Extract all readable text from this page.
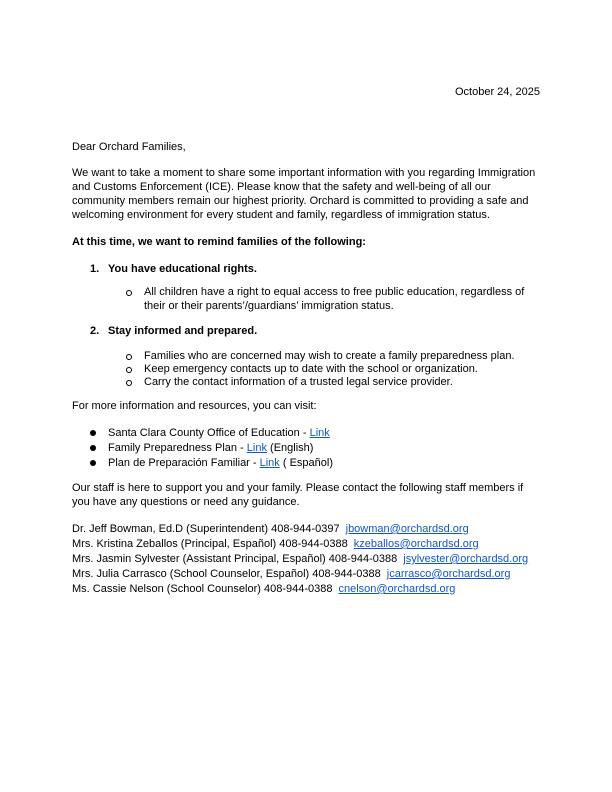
October 24, 2025
Dear Orchard Families,
We want to take a moment to share some important information with you regarding Immigration and Customs Enforcement (ICE). Please know that the safety and well-being of all our community members remain our highest priority. Orchard is committed to providing a safe and welcoming environment for every student and family, regardless of immigration status.
At this time, we want to remind families of the following:
1. You have educational rights.
All children have a right to equal access to free public education, regardless of their or their parents’/guardians’ immigration status.
2. Stay informed and prepared.
Families who are concerned may wish to create a family preparedness plan.
Keep emergency contacts up to date with the school or organization.
Carry the contact information of a trusted legal service provider.
For more information and resources, you can visit:
Santa Clara County Office of Education - Link
Family Preparedness Plan - Link (English)
Plan de Preparación Familiar - Link ( Español)
Our staff is here to support you and your family. Please contact the following staff members if you have any questions or need any guidance.
Dr. Jeff Bowman, Ed.D (Superintendent) 408-944-0397 jbowman@orchardsd.org
Mrs. Kristina Zeballos (Principal, Español) 408-944-0388 kzeballos@orchardsd.org
Mrs. Jasmin Sylvester (Assistant Principal, Español) 408-944-0388 jsylvester@orchardsd.org
Mrs. Julia Carrasco (School Counselor, Español) 408-944-0388 jcarrasco@orchardsd.org
Ms. Cassie Nelson (School Counselor) 408-944-0388 cnelson@orchardsd.org
